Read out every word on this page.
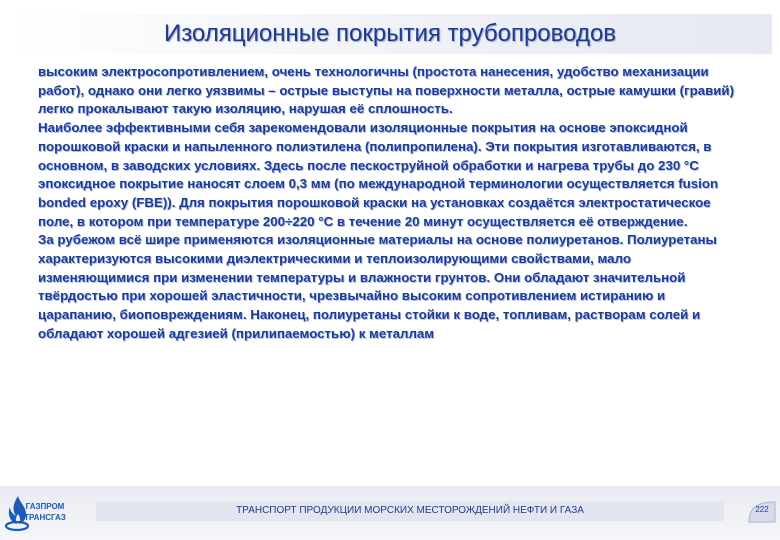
Изоляционные покрытия трубопроводов

высоким электросопротивлением, очень технологичны (простота нанесения, удобство механизации работ), однако они легко уязвимы – острые выступы на поверхности металла, острые камушки (гравий) легко прокалывают такую изоляцию, нарушая её сплошность.

Наиболее эффективными себя зарекомендовали изоляционные покрытия на основе эпоксидной порошковой краски и напыленного полиэтилена (полипропилена). Эти покрытия изготавливаются, в основном, в заводских условиях. Здесь после пескоструйной обработки и нагрева трубы до 230 °С эпоксидное покрытие наносят слоем 0,3 мм (по международной терминологии осуществляется fusion bonded epoxy (FBE)). Для покрытия порошковой краски на установках создаётся электростатическое поле, в котором при температуре 200÷220 °С в течение 20 минут осуществляется её отверждение.

За рубежом всё шире применяются изоляционные материалы на основе полиуретанов. Полиуретаны характеризуются высокими диэлектрическими и теплоизолирующими свойствами, мало изменяющимися при изменении температуры и влажности грунтов. Они обладают значительной твёрдостью при хорошей эластичности, чрезвычайно высоким сопротивлением истиранию и царапанию, биоповреждениям. Наконец, полиуретаны стойки к воде, топливам, растворам солей и обладают хорошей адгезией (прилипаемостью) к металлам

ГАЗПРОМ
ТРАНСГАЗ
ТРАНСПОРТ ПРОДУКЦИИ МОРСКИХ МЕСТОРОЖДЕНИЙ НЕФТИ И ГАЗА	222
